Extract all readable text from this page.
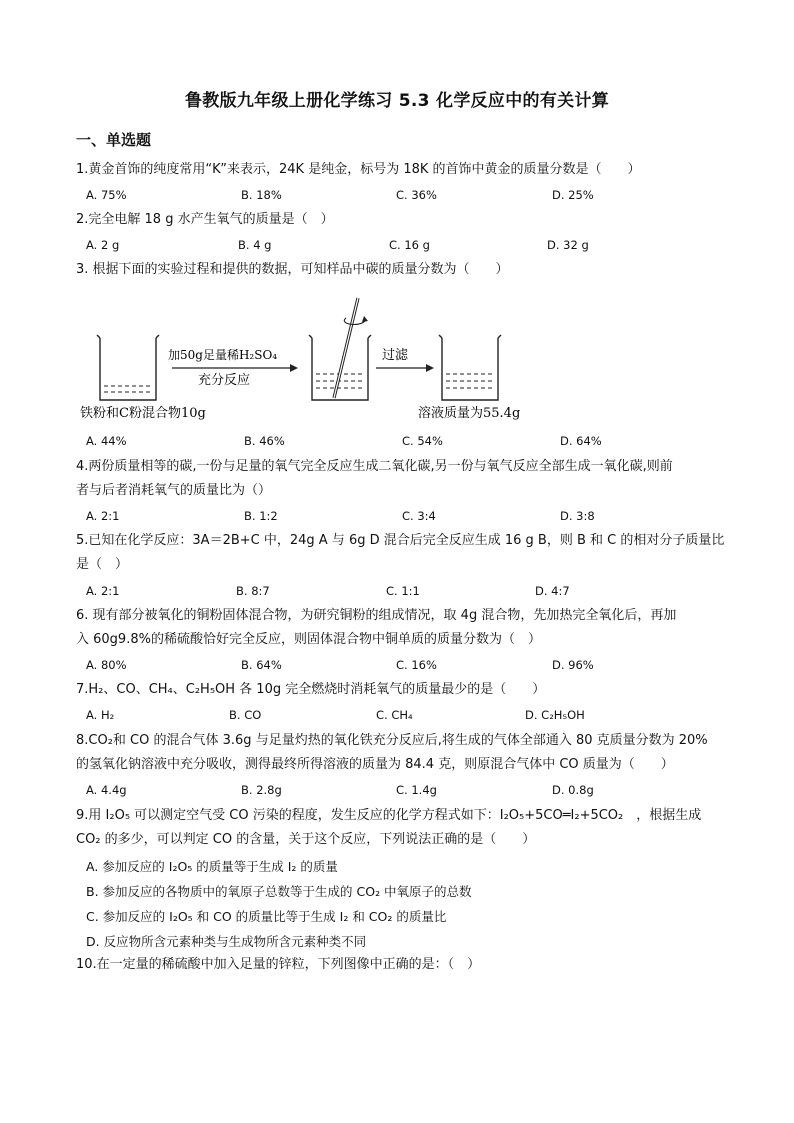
鲁教版九年级上册化学练习 5.3 化学反应中的有关计算
一、单选题
1.黄金首饰的纯度常用“K”来表示，24K 是纯金，标号为 18K 的首饰中黄金的质量分数是（　　）
A. 75%	B. 18%	C. 36%	D. 25%
2.完全电解 18 g 水产生氧气的质量是（　）
A. 2 g	B. 4 g	C. 16 g	D. 32 g
3. 根据下面的实验过程和提供的数据，可知样品中碳的质量分数为（　　）
加50g足量稀H₂SO₄
充分反应
过滤
铁粉和C粉混合物10g	溶液质量为55.4g
A. 44%	B. 46%	C. 54%	D. 64%
4.两份质量相等的碳,一份与足量的氧气完全反应生成二氧化碳,另一份与氧气反应全部生成一氧化碳,则前
者与后者消耗氧气的质量比为（）
A. 2:1	B. 1:2	C. 3:4	D. 3:8
5.已知在化学反应：3A＝2B+C 中，24g A 与 6g D 混合后完全反应生成 16 g B，则 B 和 C 的相对分子质量比
是（　）
A. 2:1	B. 8:7	C. 1:1	D. 4:7
6. 现有部分被氧化的铜粉固体混合物，为研究铜粉的组成情况，取 4g 混合物，先加热完全氧化后，再加
入 60g9.8%的稀硫酸恰好完全反应，则固体混合物中铜单质的质量分数为（　）
A. 80%	B. 64%	C. 16%	D. 96%
7.H₂、CO、CH₄、C₂H₅OH 各 10g 完全燃烧时消耗氧气的质量最少的是（　　）
A. H₂	B. CO	C. CH₄	D. C₂H₅OH
8.CO₂和 CO 的混合气体 3.6g 与足量灼热的氧化铁充分反应后,将生成的气体全部通入 80 克质量分数为 20%
的氢氧化钠溶液中充分吸收，测得最终所得溶液的质量为 84.4 克，则原混合气体中 CO 质量为（　　）
A. 4.4g	B. 2.8g	C. 1.4g	D. 0.8g
9.用 I₂O₅ 可以测定空气受 CO 污染的程度，发生反应的化学方程式如下：I₂O₅+5CO═I₂+5CO₂　，根据生成
CO₂ 的多少，可以判定 CO 的含量，关于这个反应，下列说法正确的是（　　）
A. 参加反应的 I₂O₅ 的质量等于生成 I₂ 的质量
B. 参加反应的各物质中的氧原子总数等于生成的 CO₂ 中氧原子的总数
C. 参加反应的 I₂O₅ 和 CO 的质量比等于生成 I₂ 和 CO₂ 的质量比
D. 反应物所含元素种类与生成物所含元素种类不同
10.在一定量的稀硫酸中加入足量的锌粒，下列图像中正确的是：（　）
